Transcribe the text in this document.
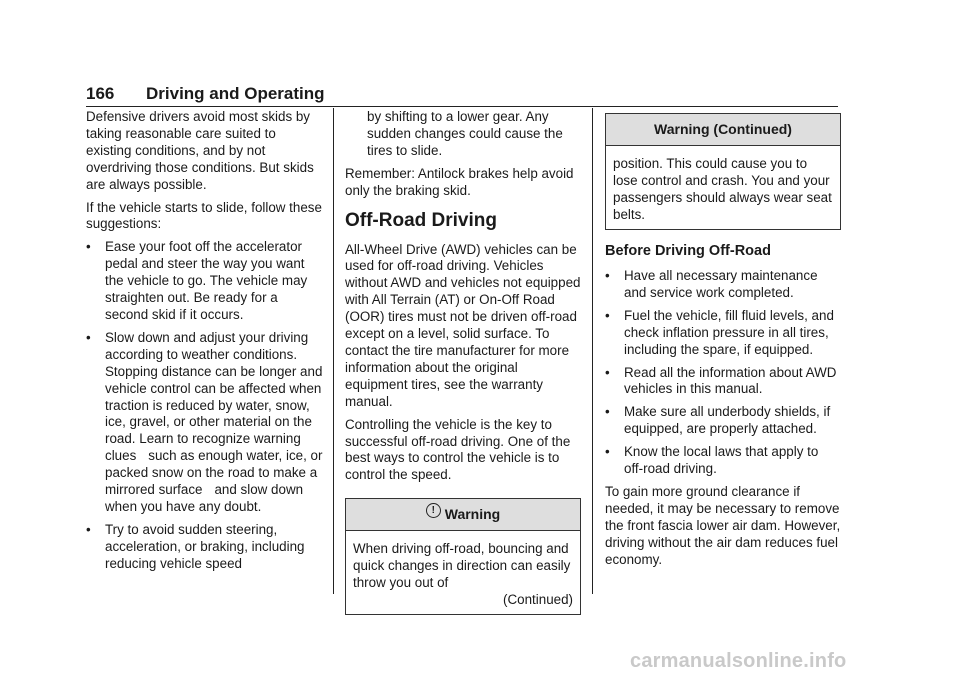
166 Driving and Operating

Defensive drivers avoid most skids by taking reasonable care suited to existing conditions, and by not overdriving those conditions. But skids are always possible.

If the vehicle starts to slide, follow these suggestions:

• Ease your foot off the accelerator pedal and steer the way you want the vehicle to go. The vehicle may straighten out. Be ready for a second skid if it occurs.
• Slow down and adjust your driving according to weather conditions. Stopping distance can be longer and vehicle control can be affected when traction is reduced by water, snow, ice, gravel, or other material on the road. Learn to recognize warning clues such as enough water, ice, or packed snow on the road to make a mirrored surface and slow down when you have any doubt.
• Try to avoid sudden steering, acceleration, or braking, including reducing vehicle speed

by shifting to a lower gear. Any sudden changes could cause the tires to slide.

Remember: Antilock brakes help avoid only the braking skid.

Off-Road Driving

All-Wheel Drive (AWD) vehicles can be used for off-road driving. Vehicles without AWD and vehicles not equipped with All Terrain (AT) or On-Off Road (OOR) tires must not be driven off-road except on a level, solid surface. To contact the tire manufacturer for more information about the original equipment tires, see the warranty manual.

Controlling the vehicle is the key to successful off-road driving. One of the best ways to control the vehicle is to control the speed.

! Warning
When driving off-road, bouncing and quick changes in direction can easily throw you out of
(Continued)
Warning (Continued)
position. This could cause you to lose control and crash. You and your passengers should always wear seat belts.
Before Driving Off-Road
• Have all necessary maintenance and service work completed.
• Fuel the vehicle, fill fluid levels, and check inflation pressure in all tires, including the spare, if equipped.
• Read all the information about AWD vehicles in this manual.
• Make sure all underbody shields, if equipped, are properly attached.
• Know the local laws that apply to off-road driving.

To gain more ground clearance if needed, it may be necessary to remove the front fascia lower air dam. However, driving without the air dam reduces fuel economy.

carmanualsonline.info
